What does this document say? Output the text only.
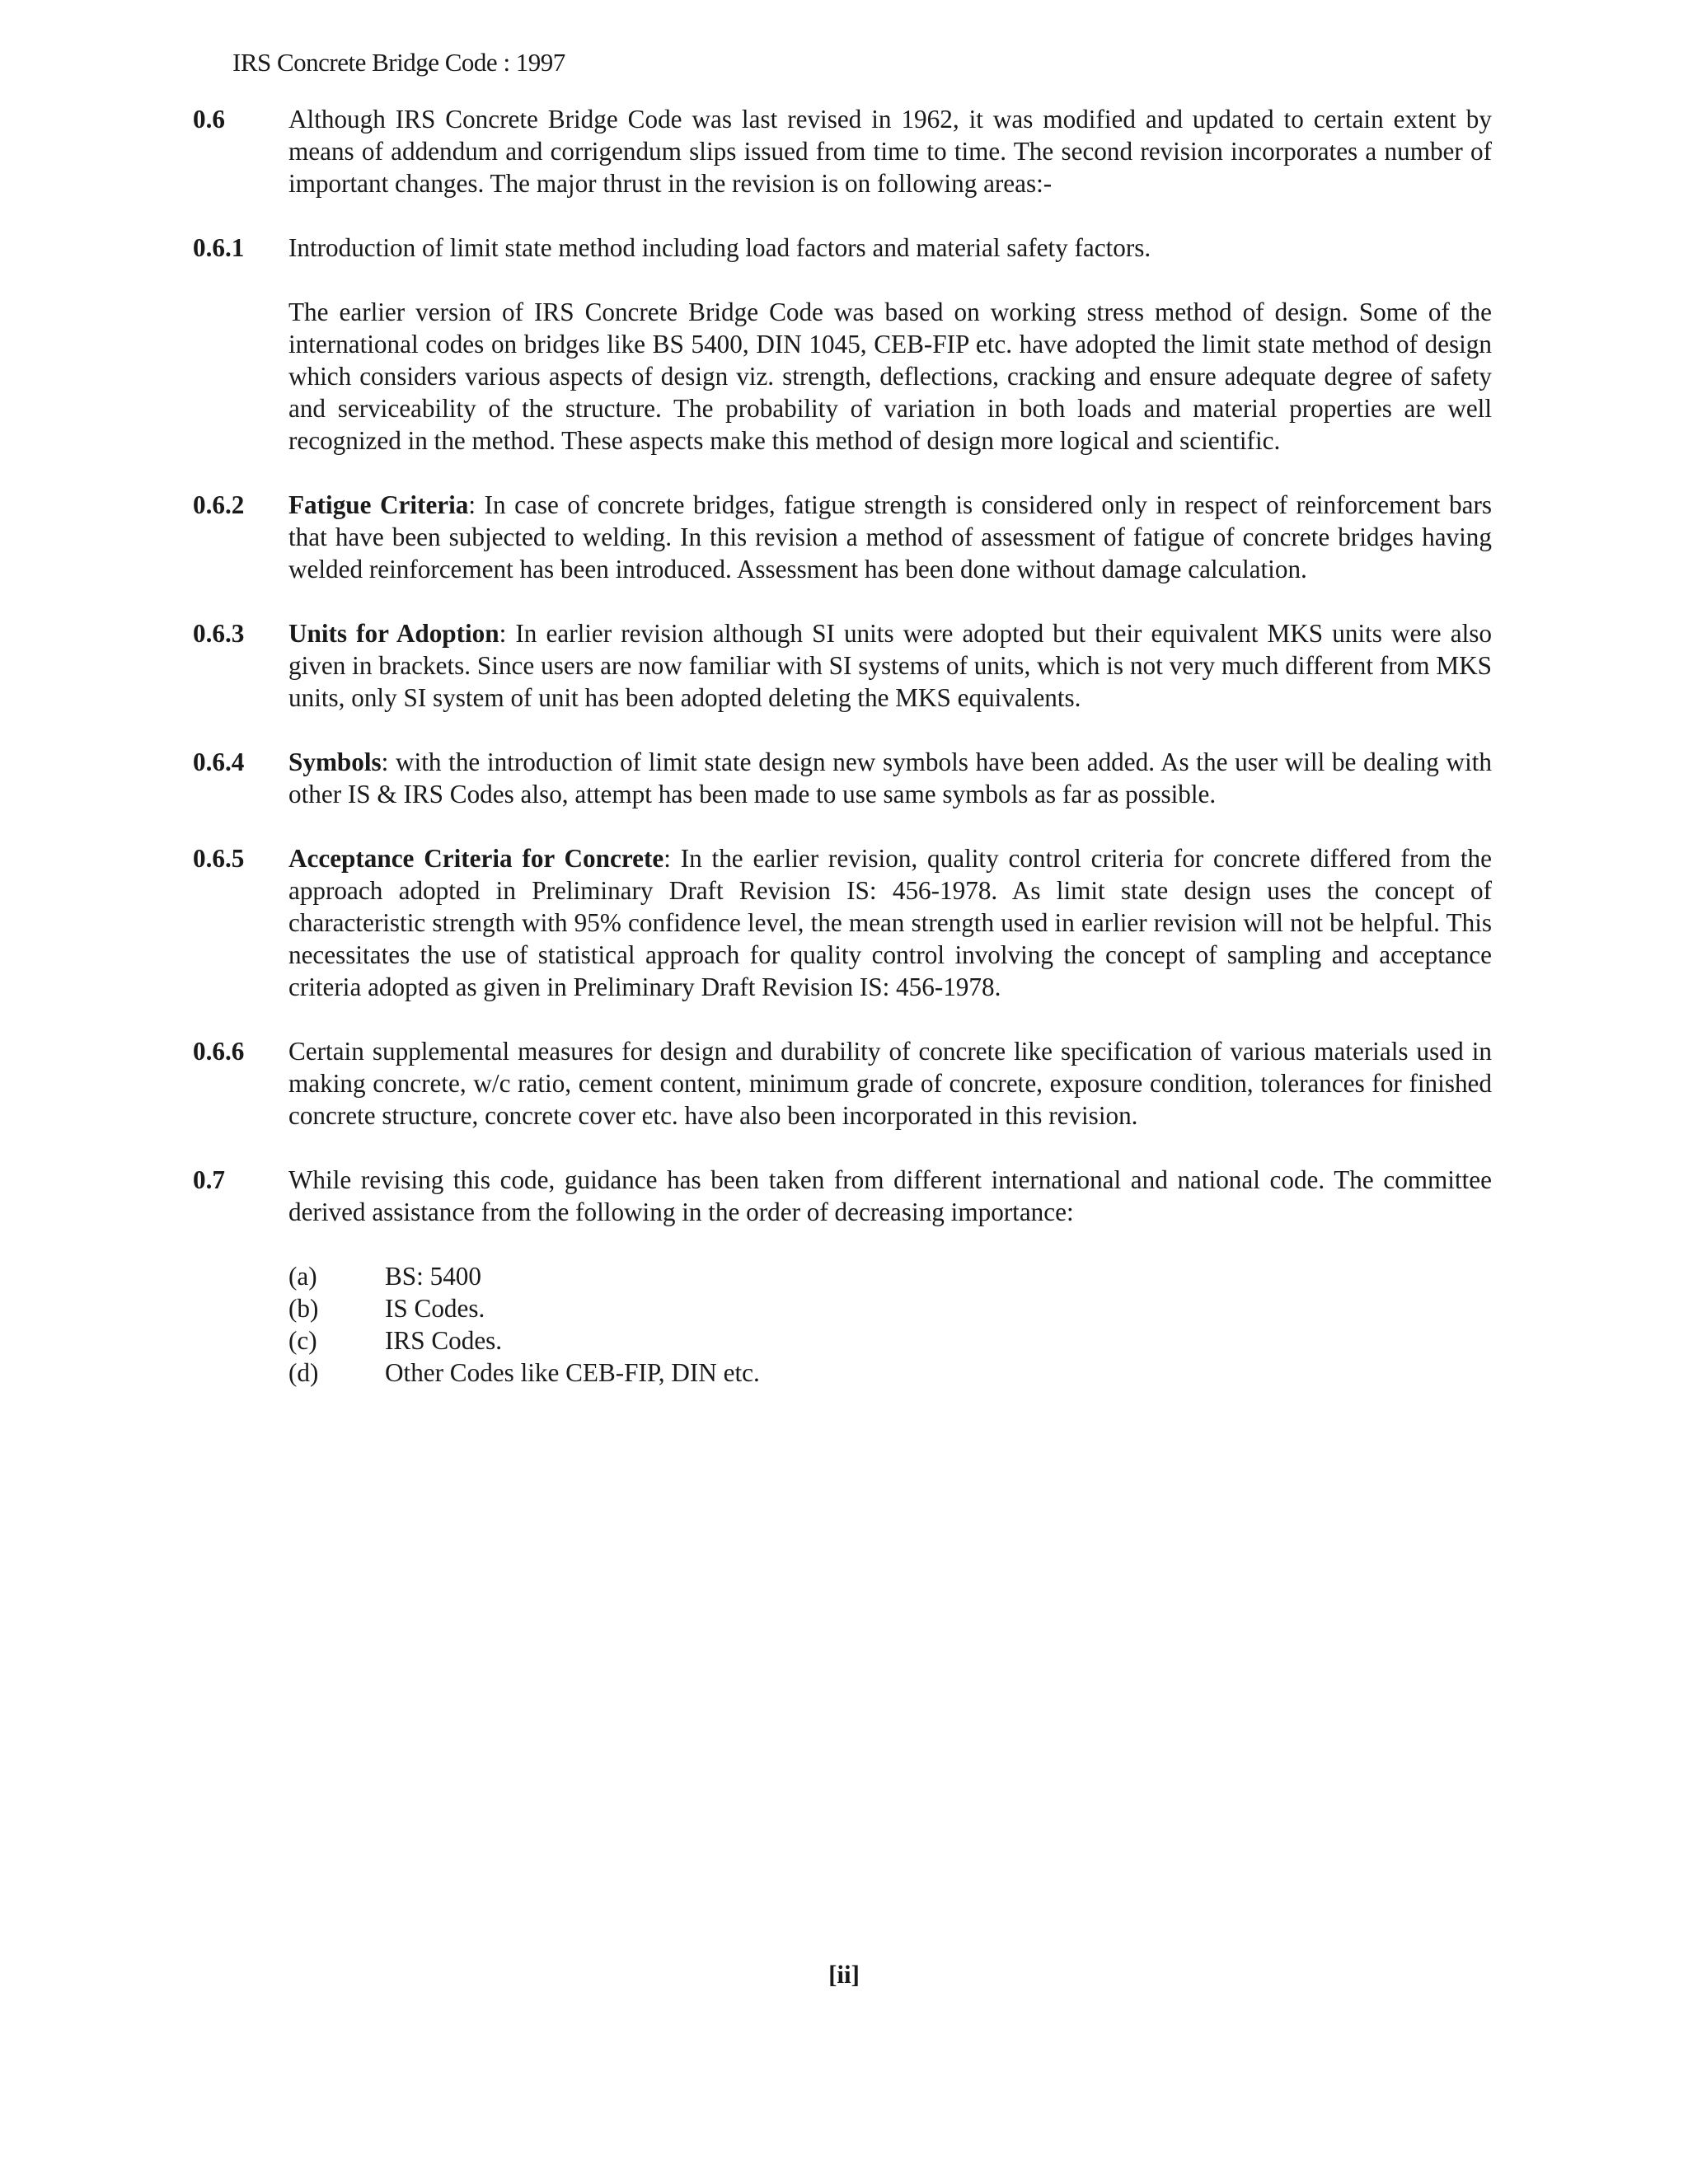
IRS Concrete Bridge Code : 1997
0.6	Although IRS Concrete Bridge Code was last revised in 1962, it was modified and updated to certain extent by means of addendum and corrigendum slips issued from time to time. The second revision incorporates a number of important changes. The major thrust in the revision is on following areas:-

0.6.1	Introduction of limit state method including load factors and material safety factors.

The earlier version of IRS Concrete Bridge Code was based on working stress method of design. Some of the international codes on bridges like BS 5400, DIN 1045, CEB-FIP etc. have adopted the limit state method of design which considers various aspects of design viz. strength, deflections, cracking and ensure adequate degree of safety and serviceability of the structure. The probability of variation in both loads and material properties are well recognized in the method. These aspects make this method of design more logical and scientific.

0.6.2	Fatigue Criteria: In case of concrete bridges, fatigue strength is considered only in respect of reinforcement bars that have been subjected to welding. In this revision a method of assessment of fatigue of concrete bridges having welded reinforcement has been introduced. Assessment has been done without damage calculation.

0.6.3	Units for Adoption: In earlier revision although SI units were adopted but their equivalent MKS units were also given in brackets. Since users are now familiar with SI systems of units, which is not very much different from MKS units, only SI system of unit has been adopted deleting the MKS equivalents.

0.6.4	Symbols: with the introduction of limit state design new symbols have been added. As the user will be dealing with other IS & IRS Codes also, attempt has been made to use same symbols as far as possible.

0.6.5	Acceptance Criteria for Concrete: In the earlier revision, quality control criteria for concrete differed from the approach adopted in Preliminary Draft Revision IS: 456-1978. As limit state design uses the concept of characteristic strength with 95% confidence level, the mean strength used in earlier revision will not be helpful. This necessitates the use of statistical approach for quality control involving the concept of sampling and acceptance criteria adopted as given in Preliminary Draft Revision IS: 456-1978.

0.6.6	Certain supplemental measures for design and durability of concrete like specification of various materials used in making concrete, w/c ratio, cement content, minimum grade of concrete, exposure condition, tolerances for finished concrete structure, concrete cover etc. have also been incorporated in this revision.

0.7	While revising this code, guidance has been taken from different international and national code. The committee derived assistance from the following in the order of decreasing importance:

(a)	BS: 5400
(b)	IS Codes.
(c)	IRS Codes.
(d)	Other Codes like CEB-FIP, DIN etc.
[ii]
